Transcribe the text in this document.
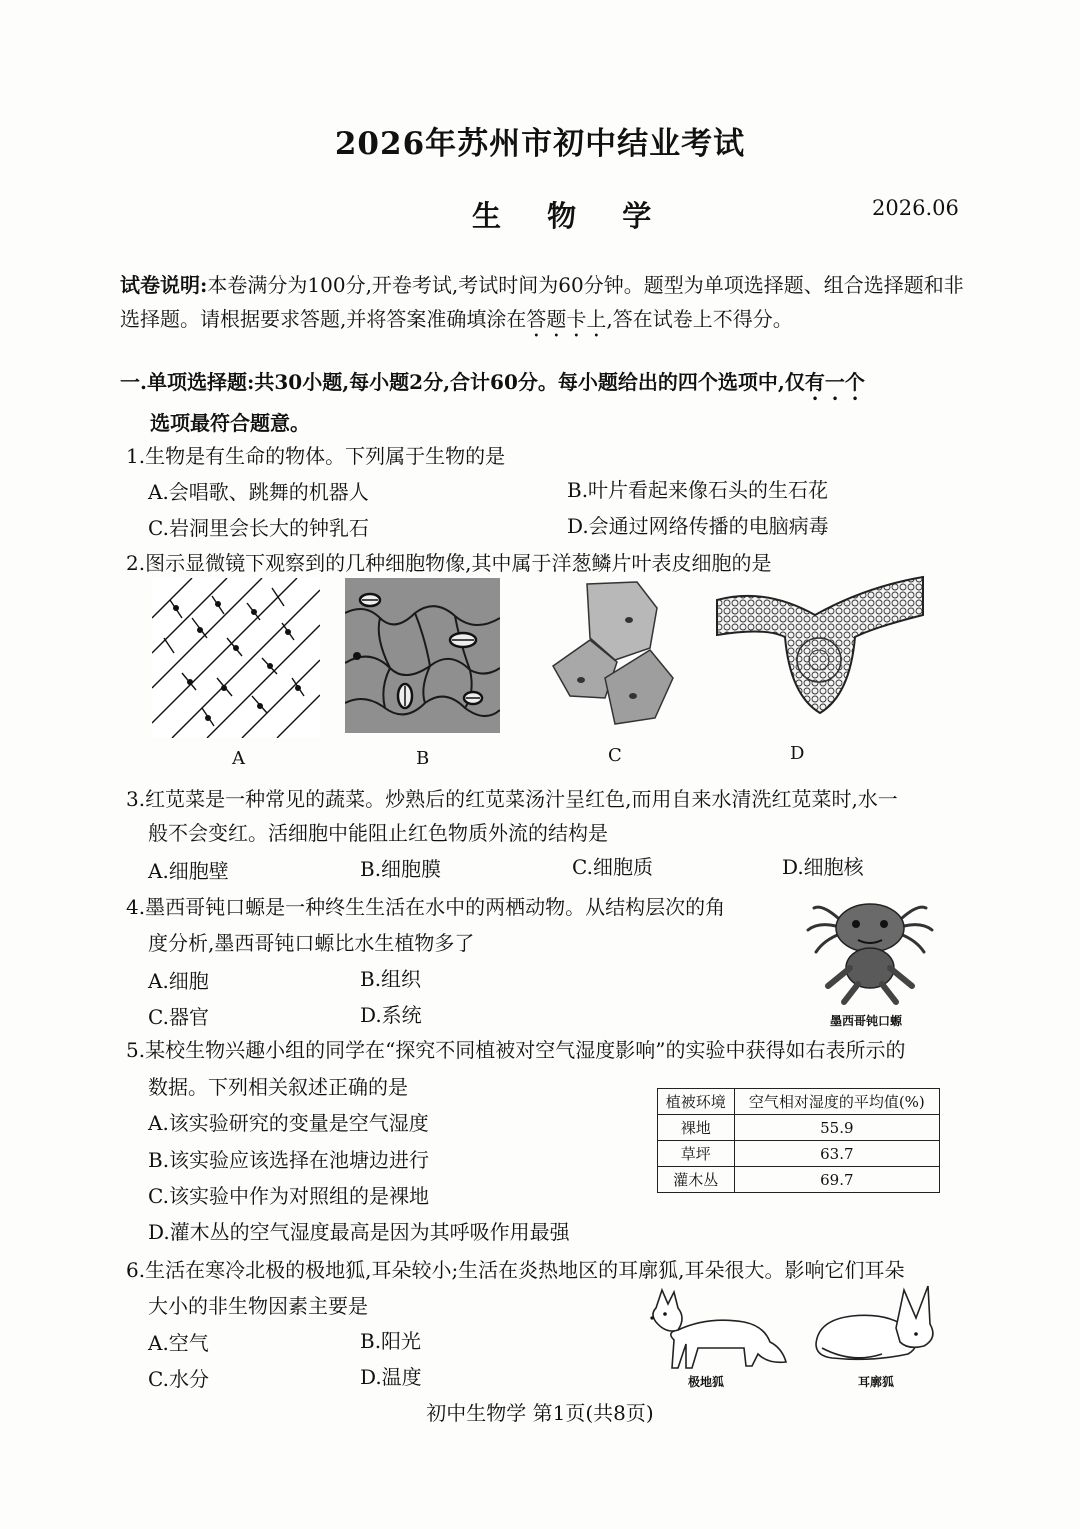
2026年苏州市初中结业考试
生 物 学	2026.06
试卷说明:本卷满分为100分,开卷考试,考试时间为60分钟。题型为单项选择题、组合选择题和非选择题。请根据要求答题,并将答案准确填涂在答题卡上,答在试卷上不得分。
一.单项选择题:共30小题,每小题2分,合计60分。每小题给出的四个选项中,仅有一个
选项最符合题意。
1.生物是有生命的物体。下列属于生物的是
A.会唱歌、跳舞的机器人	B.叶片看起来像石头的生石花
C.岩洞里会长大的钟乳石	D.会通过网络传播的电脑病毒
2.图示显微镜下观察到的几种细胞物像,其中属于洋葱鳞片叶表皮细胞的是
A	B	C	D
3.红苋菜是一种常见的蔬菜。炒熟后的红苋菜汤汁呈红色,而用自来水清洗红苋菜时,水一
般不会变红。活细胞中能阻止红色物质外流的结构是
A.细胞壁	B.细胞膜	C.细胞质	D.细胞核
4.墨西哥钝口螈是一种终生生活在水中的两栖动物。从结构层次的角
度分析,墨西哥钝口螈比水生植物多了
A.细胞	B.组织
C.器官	D.系统	墨西哥钝口螈
5.某校生物兴趣小组的同学在“探究不同植被对空气湿度影响”的实验中获得如右表所示的
数据。下列相关叙述正确的是
A.该实验研究的变量是空气湿度
B.该实验应该选择在池塘边进行
C.该实验中作为对照组的是裸地
D.灌木丛的空气湿度最高是因为其呼吸作用最强
植被环境	空气相对湿度的平均值(%)
裸地	55.9
草坪	63.7
灌木丛	69.7
6.生活在寒冷北极的极地狐,耳朵较小;生活在炎热地区的耳廓狐,耳朵很大。影响它们耳朵
大小的非生物因素主要是
A.空气	B.阳光
C.水分	D.温度	极地狐	耳廓狐
初中生物学 第1页(共8页)
